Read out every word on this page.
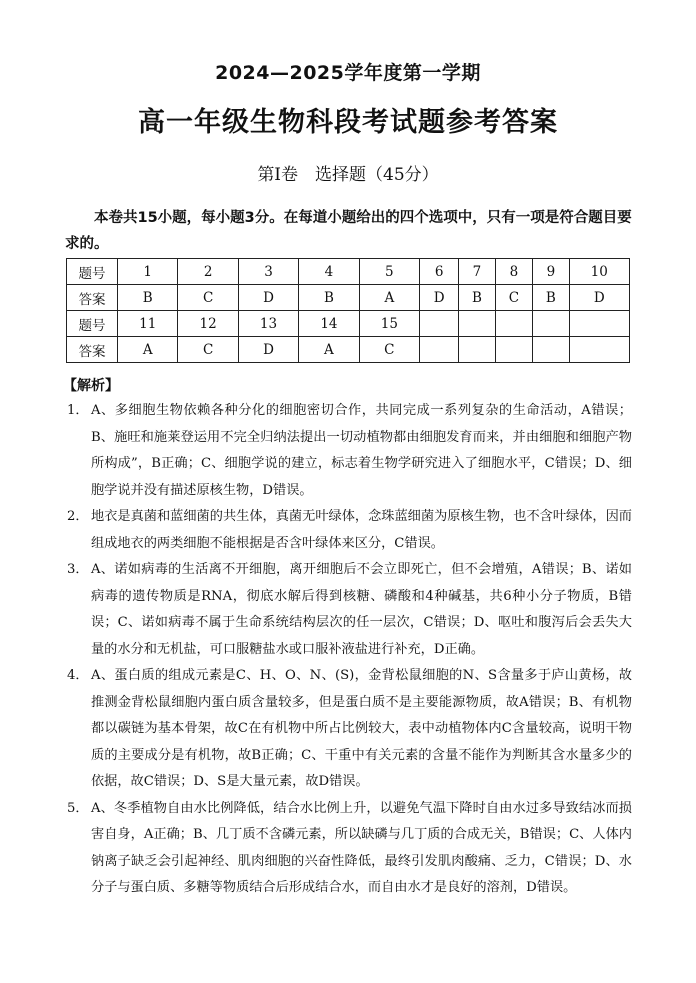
2024—2025学年度第一学期
高一年级生物科段考试题参考答案
第Ⅰ卷　选择题（45分）
本卷共15小题，每小题3分。在每道小题给出的四个选项中，只有一项是符合题目要求的。
题号	1	2	3	4	5	6	7	8	9	10
答案	B	C	D	B	A	D	B	C	B	D
题号	11	12	13	14	15					
答案	A	C	D	A	C					
【解析】
1． A、多细胞生物依赖各种分化的细胞密切合作，共同完成一系列复杂的生命活动，A错误；B、施旺和施莱登运用不完全归纳法提出一切动植物都由细胞发育而来，并由细胞和细胞产物所构成”，B正确；C、细胞学说的建立，标志着生物学研究进入了细胞水平，C错误；D、细胞学说并没有描述原核生物，D错误。
2． 地衣是真菌和蓝细菌的共生体，真菌无叶绿体，念珠蓝细菌为原核生物，也不含叶绿体，因而组成地衣的两类细胞不能根据是否含叶绿体来区分，C错误。
3． A、诺如病毒的生活离不开细胞，离开细胞后不会立即死亡，但不会增殖，A错误；B、诺如病毒的遗传物质是RNA，彻底水解后得到核糖、磷酸和4种碱基，共6种小分子物质，B错误；C、诺如病毒不属于生命系统结构层次的任一层次，C错误；D、呕吐和腹泻后会丢失大量的水分和无机盐，可口服糖盐水或口服补液盐进行补充，D正确。
4． A、蛋白质的组成元素是C、H、O、N、(S)，金背松鼠细胞的N、S含量多于庐山黄杨，故推测金背松鼠细胞内蛋白质含量较多，但是蛋白质不是主要能源物质，故A错误；B、有机物都以碳链为基本骨架，故C在有机物中所占比例较大，表中动植物体内C含量较高，说明干物质的主要成分是有机物，故B正确；C、干重中有关元素的含量不能作为判断其含水量多少的依据，故C错误；D、S是大量元素，故D错误。
5． A、冬季植物自由水比例降低，结合水比例上升，以避免气温下降时自由水过多导致结冰而损害自身，A正确；B、几丁质不含磷元素，所以缺磷与几丁质的合成无关，B错误；C、人体内钠离子缺乏会引起神经、肌肉细胞的兴奋性降低，最终引发肌肉酸痛、乏力，C错误；D、水分子与蛋白质、多糖等物质结合后形成结合水，而自由水才是良好的溶剂，D错误。
